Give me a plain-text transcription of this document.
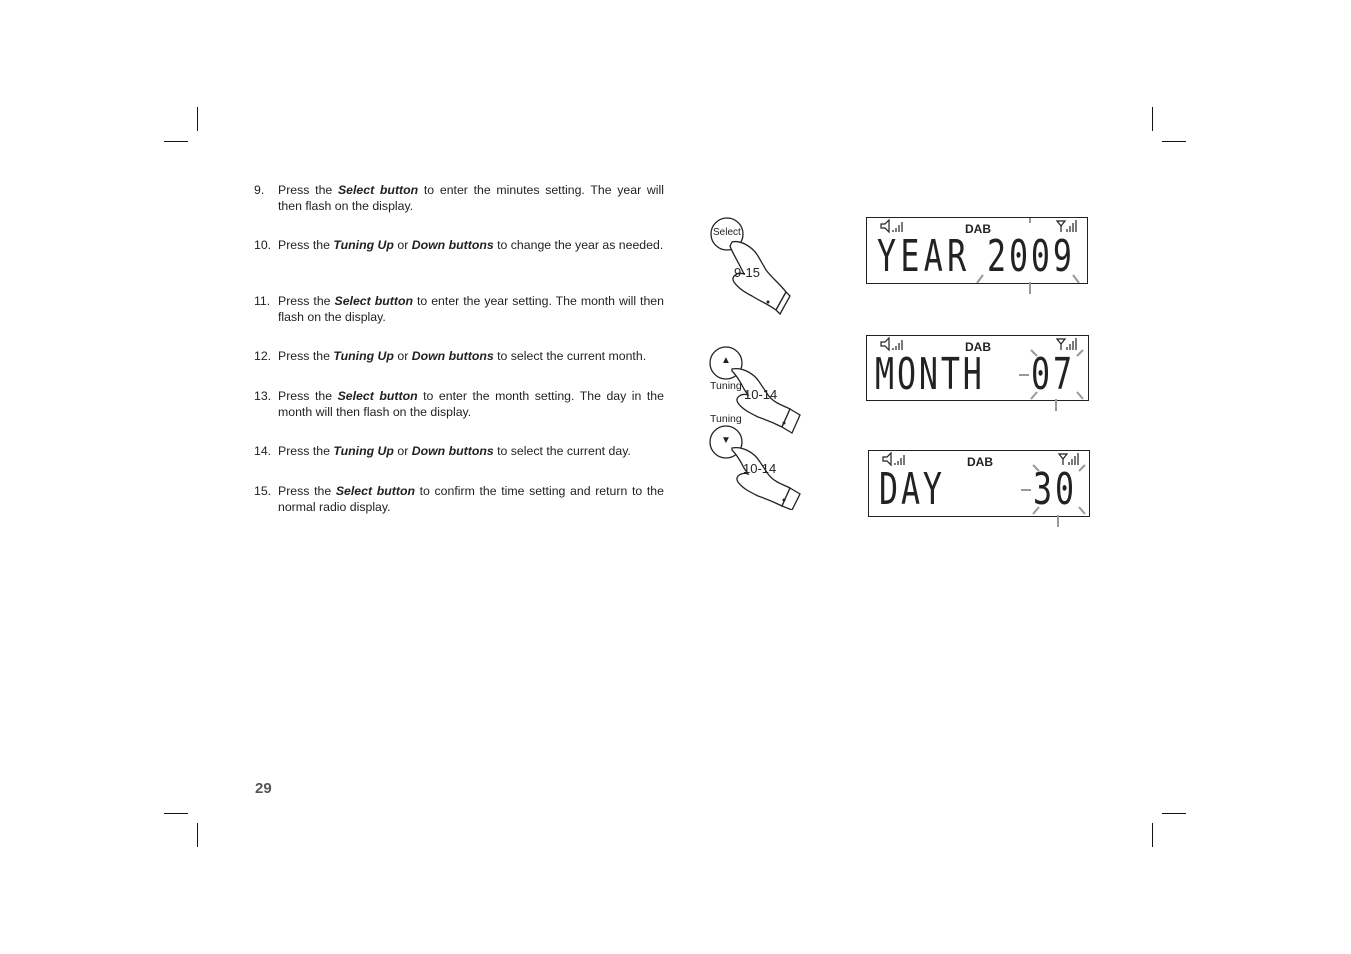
9. Press the Select button to enter the minutes setting. The year will then flash on the display.
10. Press the Tuning Up or Down buttons to change the year as needed.
11. Press the Select button to enter the year setting. The month will then flash on the display.
12. Press the Tuning Up or Down buttons to select the current month.
13. Press the Select button to enter the month setting. The day in the month will then flash on the display.
14. Press the Tuning Up or Down buttons to select the current day.
15. Press the Select button to confirm the time setting and return to the normal radio display.
29
Select
9-15
▲
Tuning
10-14
Tuning
▼
10-14
DAB
YEAR 2009
DAB
MONTH 07
DAB
DAY 30
